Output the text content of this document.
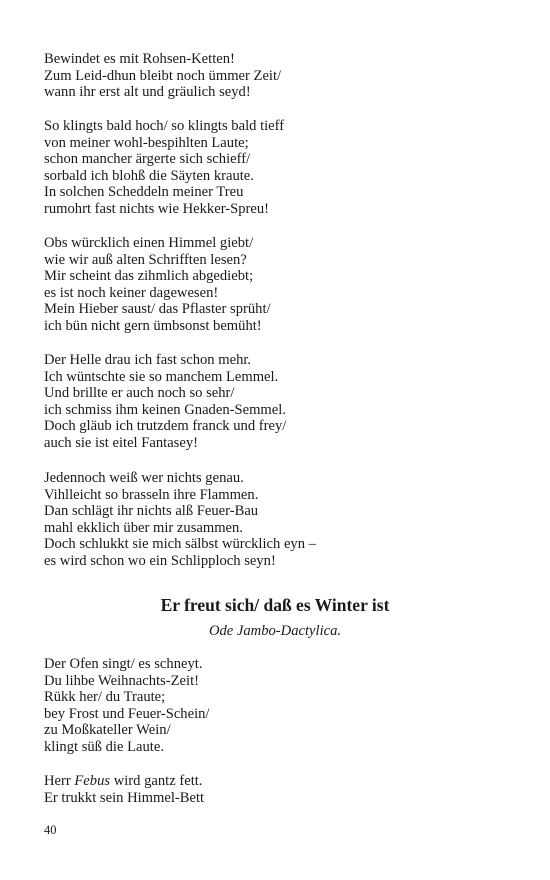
Bewindet es mit Rohsen-Ketten!
Zum Leid-dhun bleibt noch ümmer Zeit/
wann ihr erst alt und gräulich seyd!
So klingts bald hoch/ so klingts bald tieff
von meiner wohl-bespihlten Laute;
schon mancher ärgerte sich schieff/
sorbald ich blohß die Säyten kraute.
In solchen Scheddeln meiner Treu
rumohrt fast nichts wie Hekker-Spreu!
Obs würcklich einen Himmel giebt/
wie wir auß alten Schrifften lesen?
Mir scheint das zihmlich abgediebt;
es ist noch keiner dagewesen!
Mein Hieber saust/ das Pflaster sprüht/
ich bün nicht gern ümbsonst bemüht!
Der Helle drau ich fast schon mehr.
Ich wüntschte sie so manchem Lemmel.
Und brillte er auch noch so sehr/
ich schmiss ihm keinen Gnaden-Semmel.
Doch gläub ich trutzdem franck und frey/
auch sie ist eitel Fantasey!
Jedennoch weiß wer nichts genau.
Vihlleicht so brasseln ihre Flammen.
Dan schlägt ihr nichts alß Feuer-Bau
mahl ekklich über mir zusammen.
Doch schlukkt sie mich sälbst würcklich eyn –
es wird schon wo ein Schlipploch seyn!
Er freut sich/ daß es Winter ist
Ode Jambo-Dactylica.
Der Ofen singt/ es schneyt.
Du lihbe Weihnachts-Zeit!
Rükk her/ du Traute;
bey Frost und Feuer-Schein/
zu Moßkateller Wein/
klingt süß die Laute.
Herr Febus wird gantz fett.
Er trukkt sein Himmel-Bett
40
